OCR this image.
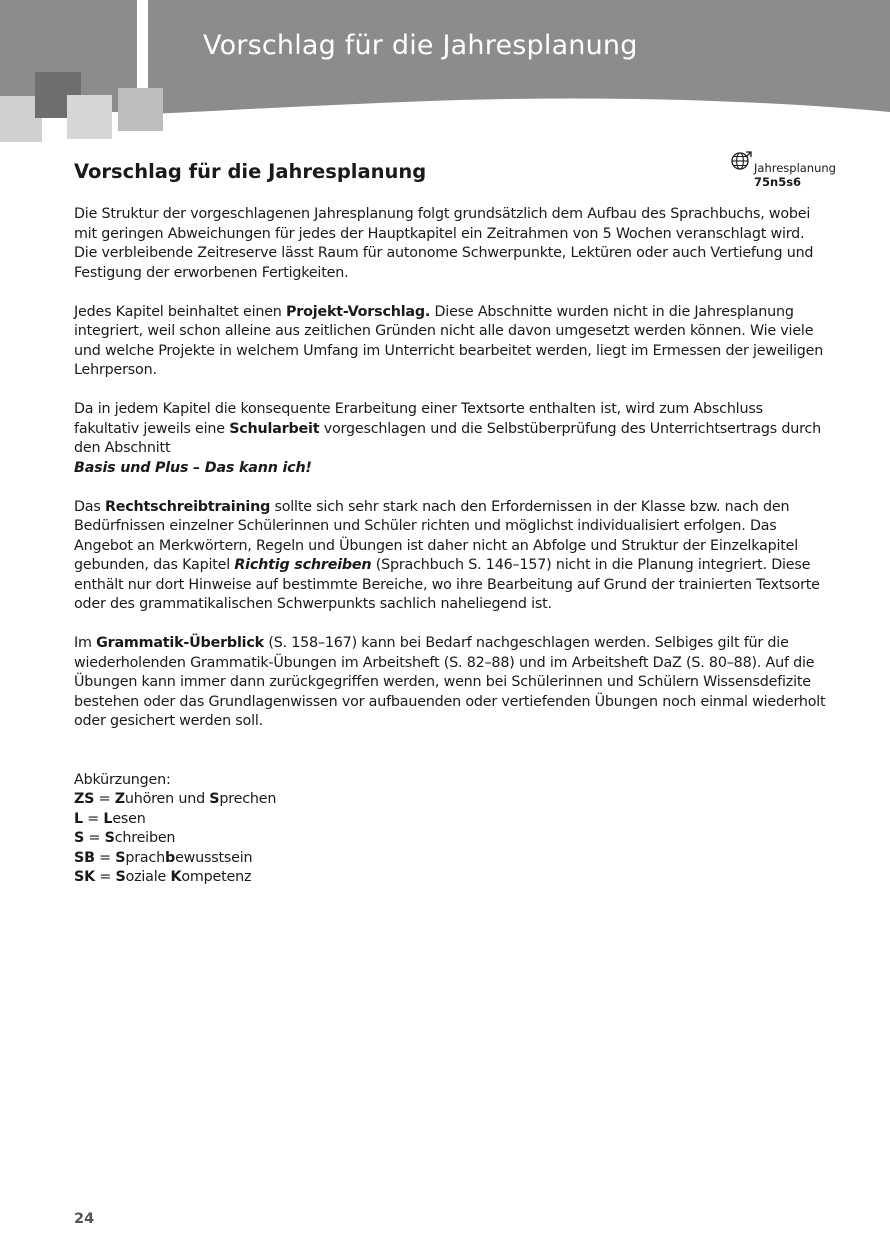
Vorschlag für die Jahresplanung
Jahresplanung
75n5s6
Vorschlag für die Jahresplanung

Die Struktur der vorgeschlagenen Jahresplanung folgt grundsätzlich dem Aufbau des Sprachbuchs, wobei mit geringen Abweichungen für jedes der Hauptkapitel ein Zeitrahmen von 5 Wochen veranschlagt wird. Die verbleibende Zeitreserve lässt Raum für autonome Schwerpunkte, Lektüren oder auch Vertiefung und Festigung der erworbenen Fertigkeiten.

Jedes Kapitel beinhaltet einen Projekt-Vorschlag. Diese Abschnitte wurden nicht in die Jahresplanung integriert, weil schon alleine aus zeitlichen Gründen nicht alle davon umgesetzt werden können. Wie viele und welche Projekte in welchem Umfang im Unterricht bearbeitet werden, liegt im Ermessen der jeweiligen Lehrperson.

Da in jedem Kapitel die konsequente Erarbeitung einer Textsorte enthalten ist, wird zum Abschluss fakultativ jeweils eine Schularbeit vorgeschlagen und die Selbstüberprüfung des Unterrichtsertrags durch den Abschnitt
Basis und Plus – Das kann ich!

Das Rechtschreibtraining sollte sich sehr stark nach den Erfordernissen in der Klasse bzw. nach den Bedürfnissen einzelner Schülerinnen und Schüler richten und möglichst individualisiert erfolgen. Das Angebot an Merkwörtern, Regeln und Übungen ist daher nicht an Abfolge und Struktur der Einzelkapitel gebunden, das Kapitel Richtig schreiben (Sprachbuch S. 146–157) nicht in die Planung integriert. Diese enthält nur dort Hinweise auf bestimmte Bereiche, wo ihre Bearbeitung auf Grund der trainierten Textsorte oder des grammatikalischen Schwerpunkts sachlich naheliegend ist.

Im Grammatik-Überblick (S. 158–167) kann bei Bedarf nachgeschlagen werden. Selbiges gilt für die wiederholenden Grammatik-Übungen im Arbeitsheft (S. 82–88) und im Arbeitsheft DaZ (S. 80–88). Auf die Übungen kann immer dann zurückgegriffen werden, wenn bei Schülerinnen und Schülern Wissensdefizite bestehen oder das Grundlagenwissen vor aufbauenden oder vertiefenden Übungen noch einmal wiederholt oder gesichert werden soll.

Abkürzungen:
ZS = Zuhören und Sprechen
L = Lesen
S = Schreiben
SB = Sprachbewusstsein
SK = Soziale Kompetenz
24
